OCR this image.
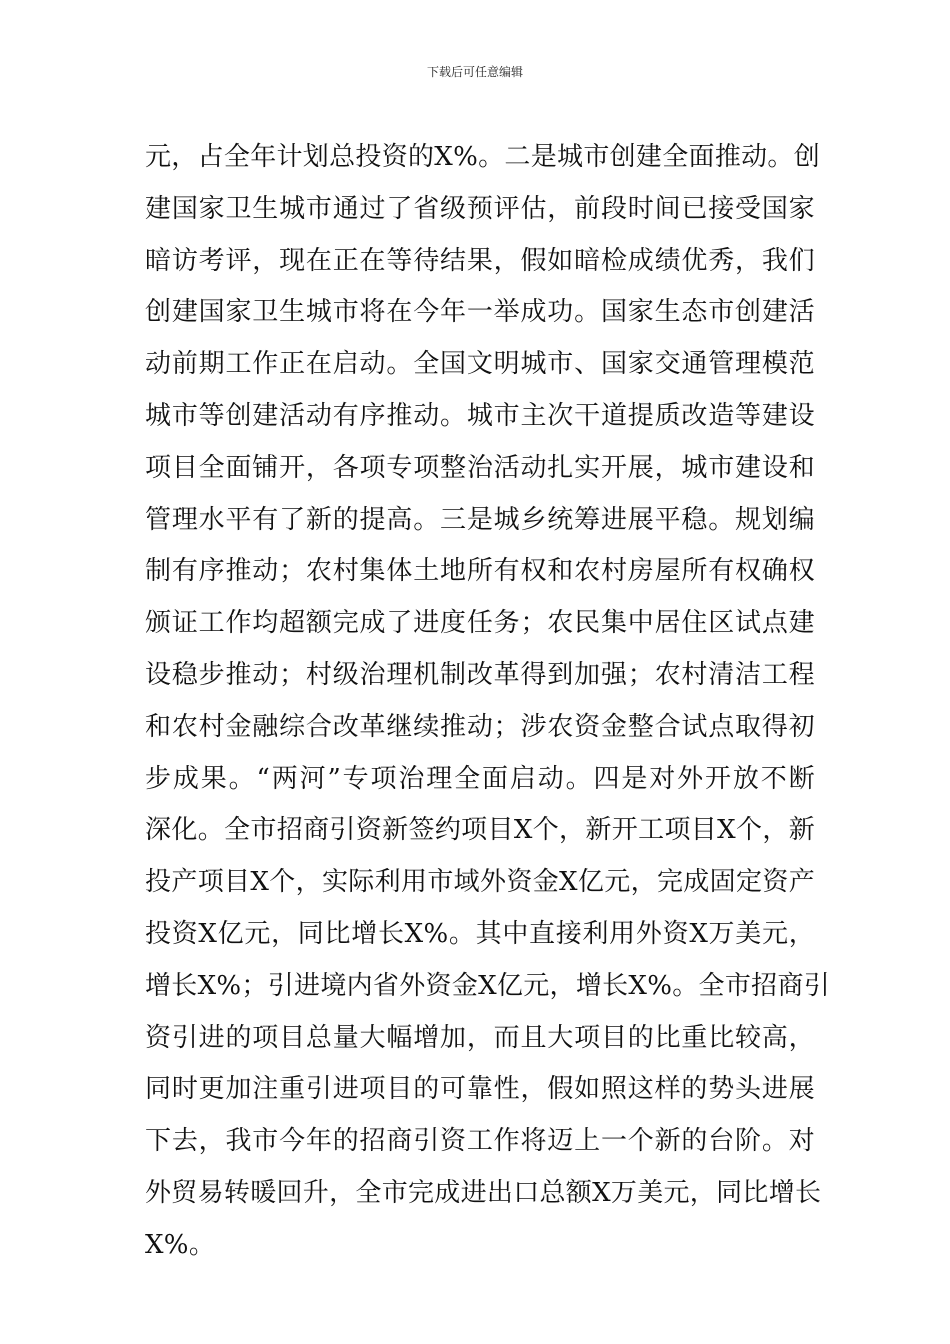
下载后可任意编辑
元，占全年计划总投资的X%。二是城市创建全面推动。创
建国家卫生城市通过了省级预评估，前段时间已接受国家
暗访考评，现在正在等待结果，假如暗检成绩优秀，我们
创建国家卫生城市将在今年一举成功。国家生态市创建活
动前期工作正在启动。全国文明城市、国家交通管理模范
城市等创建活动有序推动。城市主次干道提质改造等建设
项目全面铺开，各项专项整治活动扎实开展，城市建设和
管理水平有了新的提高。三是城乡统筹进展平稳。规划编
制有序推动；农村集体土地所有权和农村房屋所有权确权
颁证工作均超额完成了进度任务；农民集中居住区试点建
设稳步推动；村级治理机制改革得到加强；农村清洁工程
和农村金融综合改革继续推动；涉农资金整合试点取得初
步成果。“两河”专项治理全面启动。四是对外开放不断
深化。全市招商引资新签约项目X个，新开工项目X个，新
投产项目X个，实际利用市域外资金X亿元，完成固定资产
投资X亿元，同比增长X%。其中直接利用外资X万美元，
增长X%；引进境内省外资金X亿元，增长X%。全市招商引
资引进的项目总量大幅增加，而且大项目的比重比较高，
同时更加注重引进项目的可靠性，假如照这样的势头进展
下去，我市今年的招商引资工作将迈上一个新的台阶。对
外贸易转暖回升，全市完成进出口总额X万美元，同比增长
X%。
